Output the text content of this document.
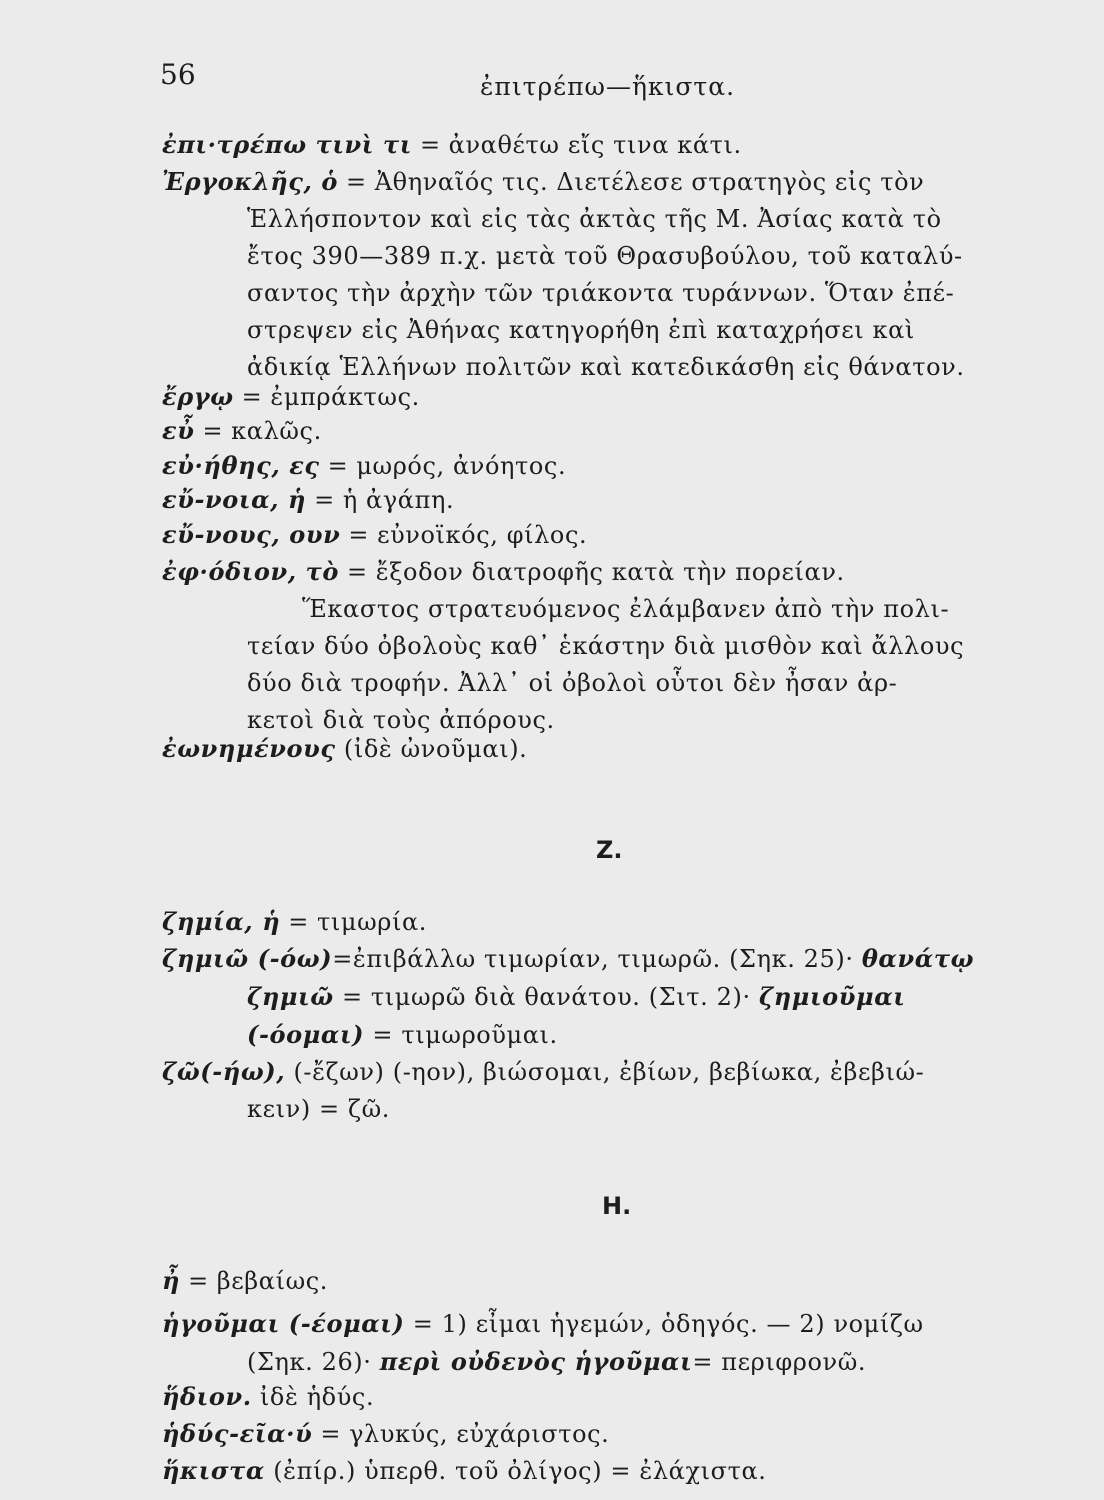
56	ἐπιτρέπω—ἥκιστα.
ἐπι·τρέπω τινὶ τι = ἀναθέτω εἴς τινα κάτι.
Ἐργοκλῆς, ὁ = Ἀθηναῖός τις. Διετέλεσε στρατηγὸς εἰς τὸν
Ἑλλήσποντον καὶ εἰς τὰς ἀκτὰς τῆς Μ. Ἀσίας κατὰ τὸ
ἔτος 390—389 π.χ. μετὰ τοῦ Θρασυβούλου, τοῦ καταλύ-
σαντος τὴν ἀρχὴν τῶν τριάκοντα τυράννων. Ὅταν ἐπέ-
στρεψεν εἰς Ἀθήνας κατηγορήθη ἐπὶ καταχρήσει καὶ
ἀδικίᾳ Ἑλλήνων πολιτῶν καὶ κατεδικάσθη εἰς θάνατον.
ἔργῳ = ἐμπράκτως.
εὖ = καλῶς.
εὐ·ήθης, ες = μωρός, ἀνόητος.
εὔ-νοια, ἡ = ἡ ἀγάπη.
εὔ-νους, ουν = εὐνοϊκός, φίλος.
ἐφ·όδιον, τὸ = ἔξοδον διατροφῆς κατὰ τὴν πορείαν.
Ἕκαστος στρατευόμενος ἐλάμβανεν ἀπὸ τὴν πολι-
τείαν δύο ὀβολοὺς καθ᾽ ἑκάστην διὰ μισθὸν καὶ ἄλλους
δύο διὰ τροφήν. Ἀλλ᾽ οἱ ὀβολοὶ οὗτοι δὲν ἦσαν ἀρ-
κετοὶ διὰ τοὺς ἀπόρους.
ἐωνημένους (ἰδὲ ὠνοῦμαι).
Ζ.
ζημία, ἡ = τιμωρία.
ζημιῶ (-όω)=ἐπιβάλλω τιμωρίαν, τιμωρῶ. (Σηκ. 25)· θανάτῳ
ζημιῶ = τιμωρῶ διὰ θανάτου. (Σιτ. 2)· ζημιοῦμαι
(-όομαι) = τιμωροῦμαι.
ζῶ(-ήω), (-ἔζων) (-ηον), βιώσομαι, ἐβίων, βεβίωκα, ἐβεβιώ-
κειν) = ζῶ.
Η.
ἦ = βεβαίως.
ἡγοῦμαι (-έομαι) = 1) εἶμαι ἡγεμών, ὁδηγός. — 2) νομίζω
(Σηκ. 26)· περὶ οὐδενὸς ἡγοῦμαι= περιφρονῶ.
ἥδιον. ἰδὲ ἡδύς.
ἡδύς-εῖα·ύ = γλυκύς, εὐχάριστος.
ἥκιστα (ἐπίρ.) ὑπερθ. τοῦ ὀλίγος) = ἐλάχιστα.
